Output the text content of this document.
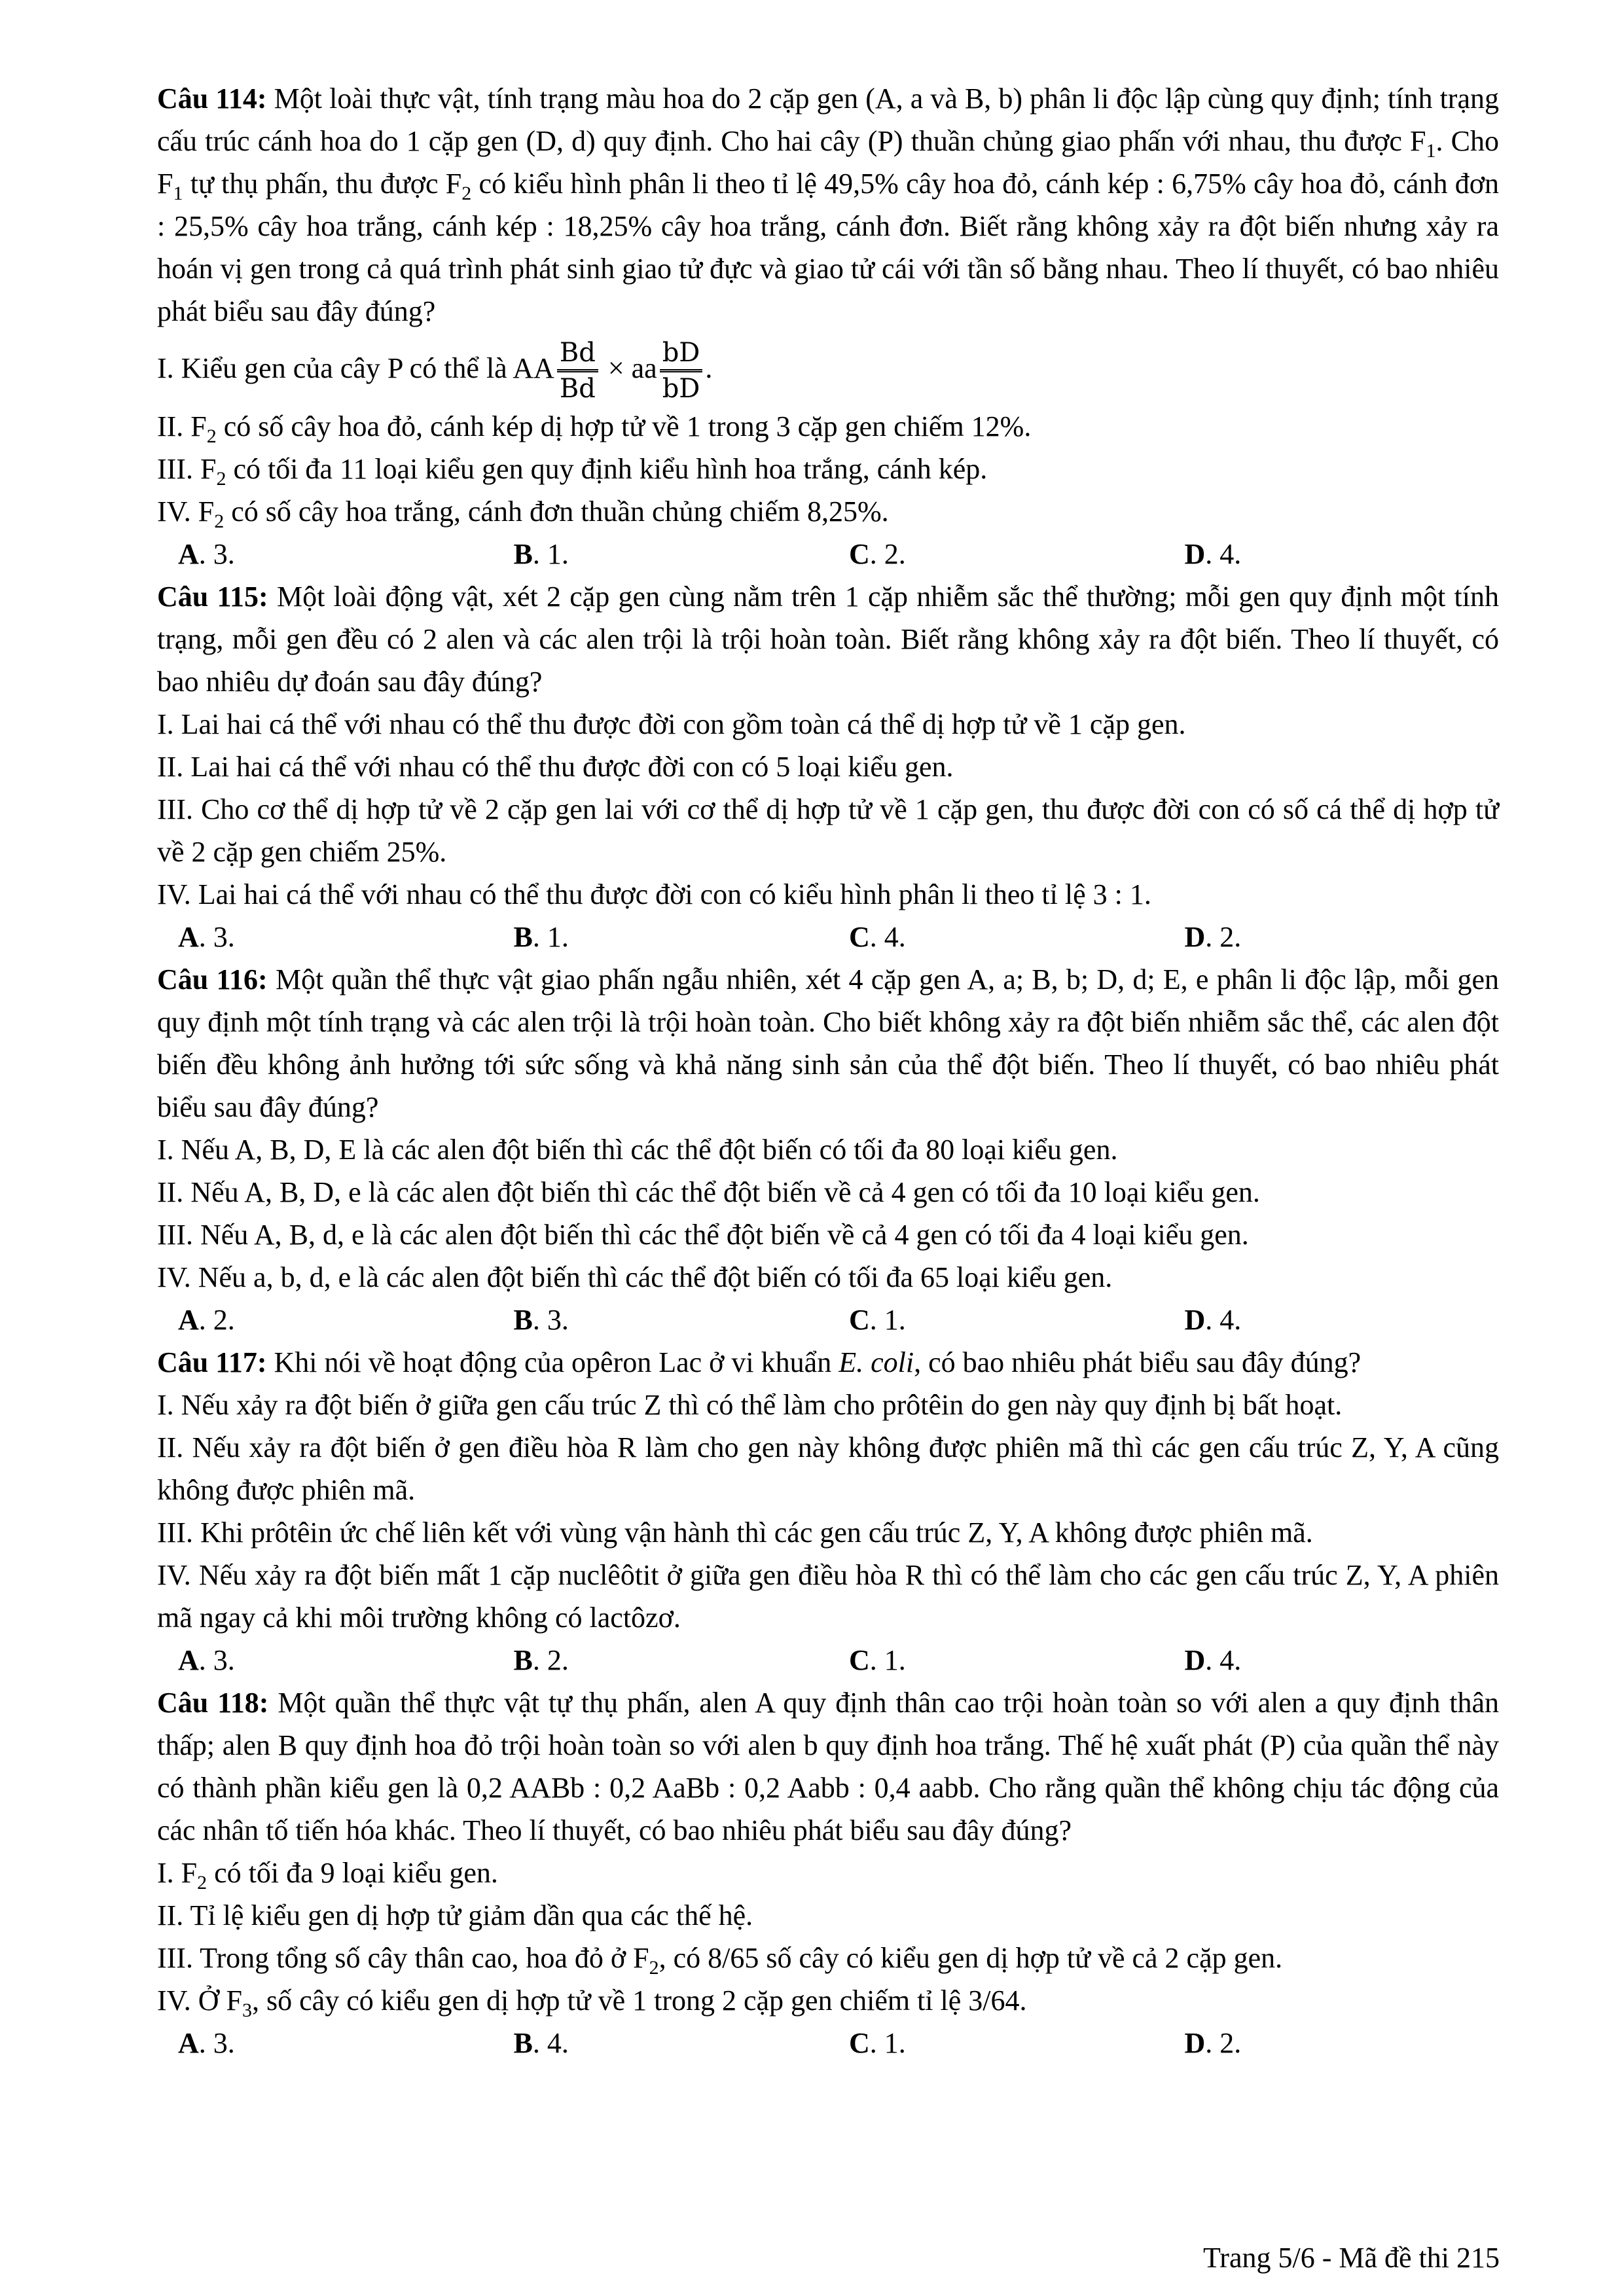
Câu 114: Một loài thực vật, tính trạng màu hoa do 2 cặp gen (A, a và B, b) phân li độc lập cùng quy định; tính trạng cấu trúc cánh hoa do 1 cặp gen (D, d) quy định. Cho hai cây (P) thuần chủng giao phấn với nhau, thu được $F_1$. Cho $F_1$ tự thụ phấn, thu được $F_2$ có kiểu hình phân li theo tỉ lệ 49,5% cây hoa đỏ, cánh kép : 6,75% cây hoa đỏ, cánh đơn : 25,5% cây hoa trắng, cánh kép : 18,25% cây hoa trắng, cánh đơn. Biết rằng không xảy ra đột biến nhưng xảy ra hoán vị gen trong cả quá trình phát sinh giao tử đực và giao tử cái với tần số bằng nhau. Theo lí thuyết, có bao nhiêu phát biểu sau đây đúng?

I. Kiểu gen của cây P có thể là AA $\frac{Bd}{Bd}$ × aa $\frac{bD}{bD}$ .

II. $F_2$ có số cây hoa đỏ, cánh kép dị hợp tử về 1 trong 3 cặp gen chiếm 12%.

III. $F_2$ có tối đa 11 loại kiểu gen quy định kiểu hình hoa trắng, cánh kép.

IV. $F_2$ có số cây hoa trắng, cánh đơn thuần chủng chiếm 8,25%.

A. 3.	B. 1.	C. 2.	D. 4.

Câu 115: Một loài động vật, xét 2 cặp gen cùng nằm trên 1 cặp nhiễm sắc thể thường; mỗi gen quy định một tính trạng, mỗi gen đều có 2 alen và các alen trội là trội hoàn toàn. Biết rằng không xảy ra đột biến. Theo lí thuyết, có bao nhiêu dự đoán sau đây đúng?

I. Lai hai cá thể với nhau có thể thu được đời con gồm toàn cá thể dị hợp tử về 1 cặp gen.

II. Lai hai cá thể với nhau có thể thu được đời con có 5 loại kiểu gen.

III. Cho cơ thể dị hợp tử về 2 cặp gen lai với cơ thể dị hợp tử về 1 cặp gen, thu được đời con có số cá thể dị hợp tử về 2 cặp gen chiếm 25%.

IV. Lai hai cá thể với nhau có thể thu được đời con có kiểu hình phân li theo tỉ lệ 3 : 1.

A. 3.	B. 1.	C. 4.	D. 2.

Câu 116: Một quần thể thực vật giao phấn ngẫu nhiên, xét 4 cặp gen A, a; B, b; D, d; E, e phân li độc lập, mỗi gen quy định một tính trạng và các alen trội là trội hoàn toàn. Cho biết không xảy ra đột biến nhiễm sắc thể, các alen đột biến đều không ảnh hưởng tới sức sống và khả năng sinh sản của thể đột biến. Theo lí thuyết, có bao nhiêu phát biểu sau đây đúng?

I. Nếu A, B, D, E là các alen đột biến thì các thể đột biến có tối đa 80 loại kiểu gen.

II. Nếu A, B, D, e là các alen đột biến thì các thể đột biến về cả 4 gen có tối đa 10 loại kiểu gen.

III. Nếu A, B, d, e là các alen đột biến thì các thể đột biến về cả 4 gen có tối đa 4 loại kiểu gen.

IV. Nếu a, b, d, e là các alen đột biến thì các thể đột biến có tối đa 65 loại kiểu gen.

A. 2.	B. 3.	C. 1.	D. 4.

Câu 117: Khi nói về hoạt động của opêron Lac ở vi khuẩn E. coli, có bao nhiêu phát biểu sau đây đúng?

I. Nếu xảy ra đột biến ở giữa gen cấu trúc Z thì có thể làm cho prôtêin do gen này quy định bị bất hoạt.

II. Nếu xảy ra đột biến ở gen điều hòa R làm cho gen này không được phiên mã thì các gen cấu trúc Z, Y, A cũng không được phiên mã.

III. Khi prôtêin ức chế liên kết với vùng vận hành thì các gen cấu trúc Z, Y, A không được phiên mã.

IV. Nếu xảy ra đột biến mất 1 cặp nuclêôtit ở giữa gen điều hòa R thì có thể làm cho các gen cấu trúc Z, Y, A phiên mã ngay cả khi môi trường không có lactôzơ.

A. 3.	B. 2.	C. 1.	D. 4.

Câu 118: Một quần thể thực vật tự thụ phấn, alen A quy định thân cao trội hoàn toàn so với alen a quy định thân thấp; alen B quy định hoa đỏ trội hoàn toàn so với alen b quy định hoa trắng. Thế hệ xuất phát (P) của quần thể này có thành phần kiểu gen là 0,2 AABb : 0,2 AaBb : 0,2 Aabb : 0,4 aabb. Cho rằng quần thể không chịu tác động của các nhân tố tiến hóa khác. Theo lí thuyết, có bao nhiêu phát biểu sau đây đúng?

I. $F_2$ có tối đa 9 loại kiểu gen.

II. Tỉ lệ kiểu gen dị hợp tử giảm dần qua các thế hệ.

III. Trong tổng số cây thân cao, hoa đỏ ở $F_2$, có 8/65 số cây có kiểu gen dị hợp tử về cả 2 cặp gen.

IV. Ở $F_3$, số cây có kiểu gen dị hợp tử về 1 trong 2 cặp gen chiếm tỉ lệ 3/64.

A. 3.	B. 4.	C. 1.	D. 2.
Trang 5/6 - Mã đề thi 215
